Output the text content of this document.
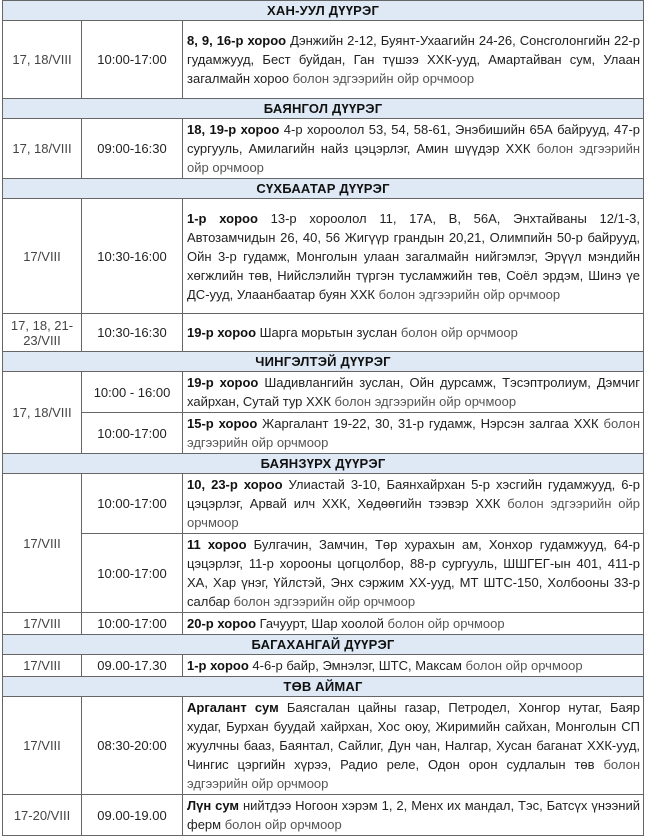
ХАН-УУЛ ДҮҮРЭГ		
17, 18/VIII	10:00-17:00	8, 9, 16-р хороо Дэнжийн 2-12, Буянт-Ухаагийн 24-26, Сонсголонгийн 22-р гудамжууд, Бест буйдан, Ган түшээ ХХК-ууд, Амартайван сум, Улаан загалмайн хороо болон эдгээрийн ойр орчмоор
БАЯНГОЛ ДҮҮРЭГ		
17, 18/VIII	09:00-16:30	18, 19-р хороо 4-р хороолол 53, 54, 58-61, Энэбишийн 65А байрууд, 47-р сургууль, Амилагийн найз цэцэрлэг, Амин шүүдэр ХХК болон эдгээрийн ойр орчмоор
СҮХБААТАР ДҮҮРЭГ		
17/VIII	10:30-16:00	1-р хороо 13-р хороолол 11, 17А, В, 56А, Энхтайваны 12/1-3, Автозамчидын 26, 40, 56 Жигүүр грандын 20,21, Олимпийн 50-р байрууд, Ойн 3-р гудамж, Монголын улаан загалмайн нийгэмлэг, Эрүүл мэндийн хөгжлийн төв, Нийслэлийн түргэн тусламжийн төв, Соёл эрдэм, Шинэ үе ДС-ууд, Улаанбаатар буян ХХК болон эдгээрийн ойр орчмоор
17, 18, 21-23/VIII	10:30-16:30	19-р хороо Шарга морьтын зуслан болон ойр орчмоор
ЧИНГЭЛТЭЙ ДҮҮРЭГ		
17, 18/VIII	10:00 - 16:00	19-р хороо Шадивлангийн зуслан, Ойн дурсамж, Тэсэптролиум, Дэмчиг хайрхан, Сутай тур ХХК болон эдгээрийн ойр орчмоор
	10:00-17:00	15-р хороо Жаргалант 19-22, 30, 31-р гудамж, Нэрсэн залгаа ХХК болон эдгээрийн ойр орчмоор
БАЯНЗҮРХ ДҮҮРЭГ		
17/VIII	10:00-17:00	10, 23-р хороо Улиастай 3-10, Баянхайрхан 5-р хэсгийн гудамжууд, 6-р цэцэрлэг, Арвай илч ХХК, Хөдөөгийн тээвэр ХХК болон эдгээрийн ойр орчмоор
	10:00-17:00	11 хороо Булгачин, Замчин, Төр хурахын ам, Хонхор гудамжууд, 64-р цэцэрлэг, 11-р хорооны цогцолбор, 88-р сургууль, ШШГЕГ-ын 401, 411-р ХА, Хар үнэг, Үйлстэй, Энх сэржим ХХ-ууд, МТ ШТС-150, Холбооны 33-р салбар болон эдгээрийн ойр орчмоор
17/VIII	10:00-17:00	20-р хороо Гачуурт, Шар хоолой болон ойр орчмоор
БАГАХАНГАЙ ДҮҮРЭГ		
17/VIII	09.00-17.30	1-р хороо 4-6-р байр, Эмнэлэг, ШТС, Максам болон ойр орчмоор
ТӨВ АЙМАГ		
17/VIII	08:30-20:00	Аргалант сум Баясгалан цайны газар, Петродел, Хонгор нутаг, Баяр худаг, Бурхан буудай хайрхан, Хос оюу, Жиримийн сайхан, Монголын СП жуулчны бааз, Баянтал, Сайлиг, Дун чан, Налгар, Хусан баганат ХХК-ууд, Чингис цэргийн хүрээ, Радио реле, Одон орон судлалын төв болон эдгээрийн ойр орчмоор
17-20/VIII	09.00-19.00	Лүн сум нийтдээ Ногоон хэрэм 1, 2, Менх их мандал, Тэс, Батсүх үнээний ферм болон ойр орчмоор
